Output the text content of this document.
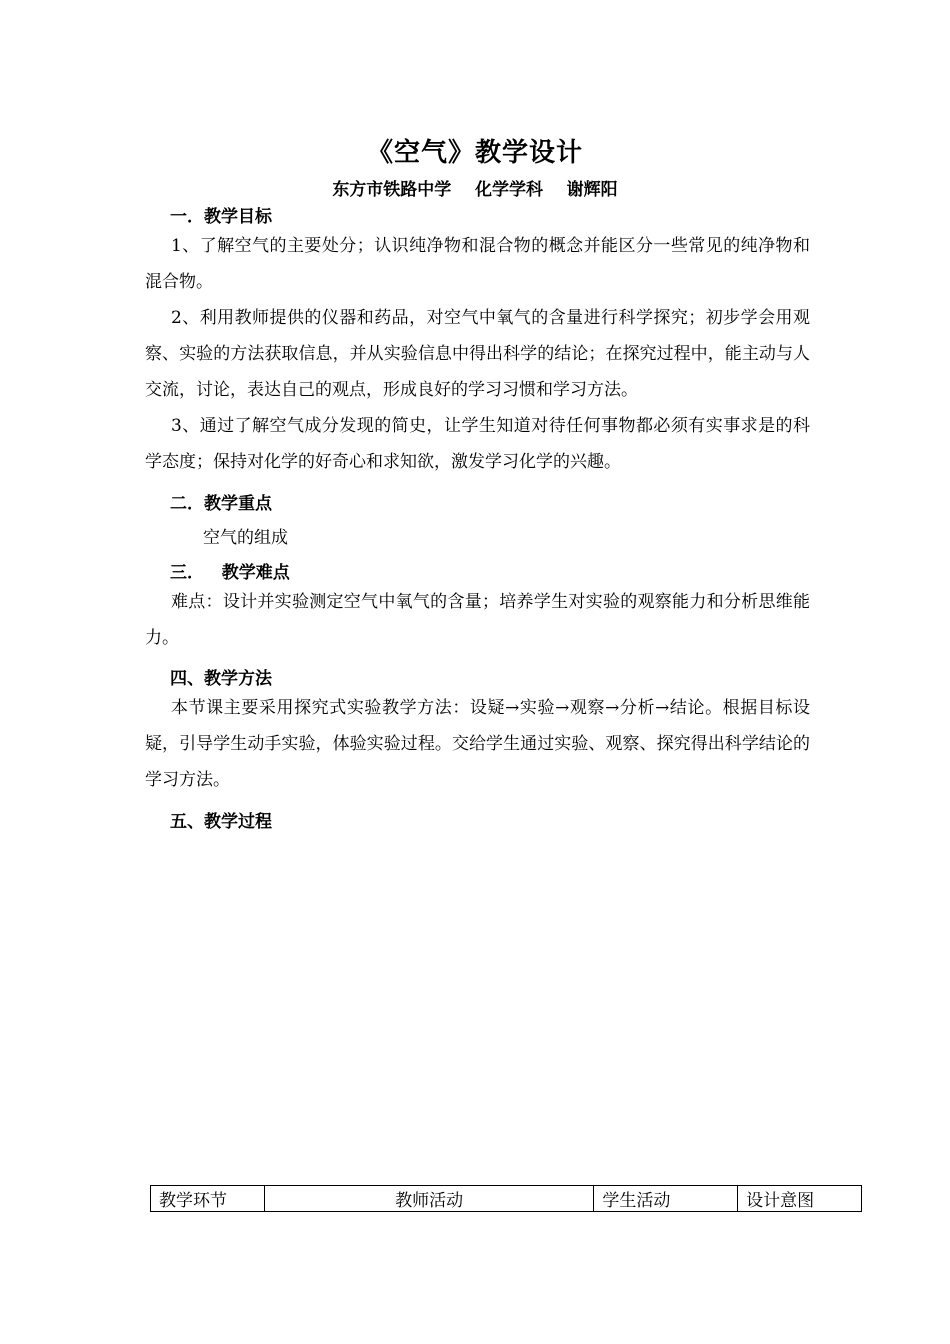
《空气》教学设计
东方市铁路中学    化学学科    谢辉阳
一．教学目标
1、了解空气的主要处分；认识纯净物和混合物的概念并能区分一些常见的纯净物和混合物。
2、利用教师提供的仪器和药品，对空气中氧气的含量进行科学探究；初步学会用观察、实验的方法获取信息，并从实验信息中得出科学的结论；在探究过程中，能主动与人交流，讨论，表达自己的观点，形成良好的学习习惯和学习方法。
3、通过了解空气成分发现的简史，让学生知道对待任何事物都必须有实事求是的科学态度；保持对化学的好奇心和求知欲，激发学习化学的兴趣。
二．教学重点
空气的组成
三．   教学难点
难点：设计并实验测定空气中氧气的含量；培养学生对实验的观察能力和分析思维能力。
四、教学方法
本节课主要采用探究式实验教学方法：设疑→实验→观察→分析→结论。根据目标设疑，引导学生动手实验，体验实验过程。交给学生通过实验、观察、探究得出科学结论的学习方法。
五、教学过程
教学环节	教师活动	学生活动	设计意图
